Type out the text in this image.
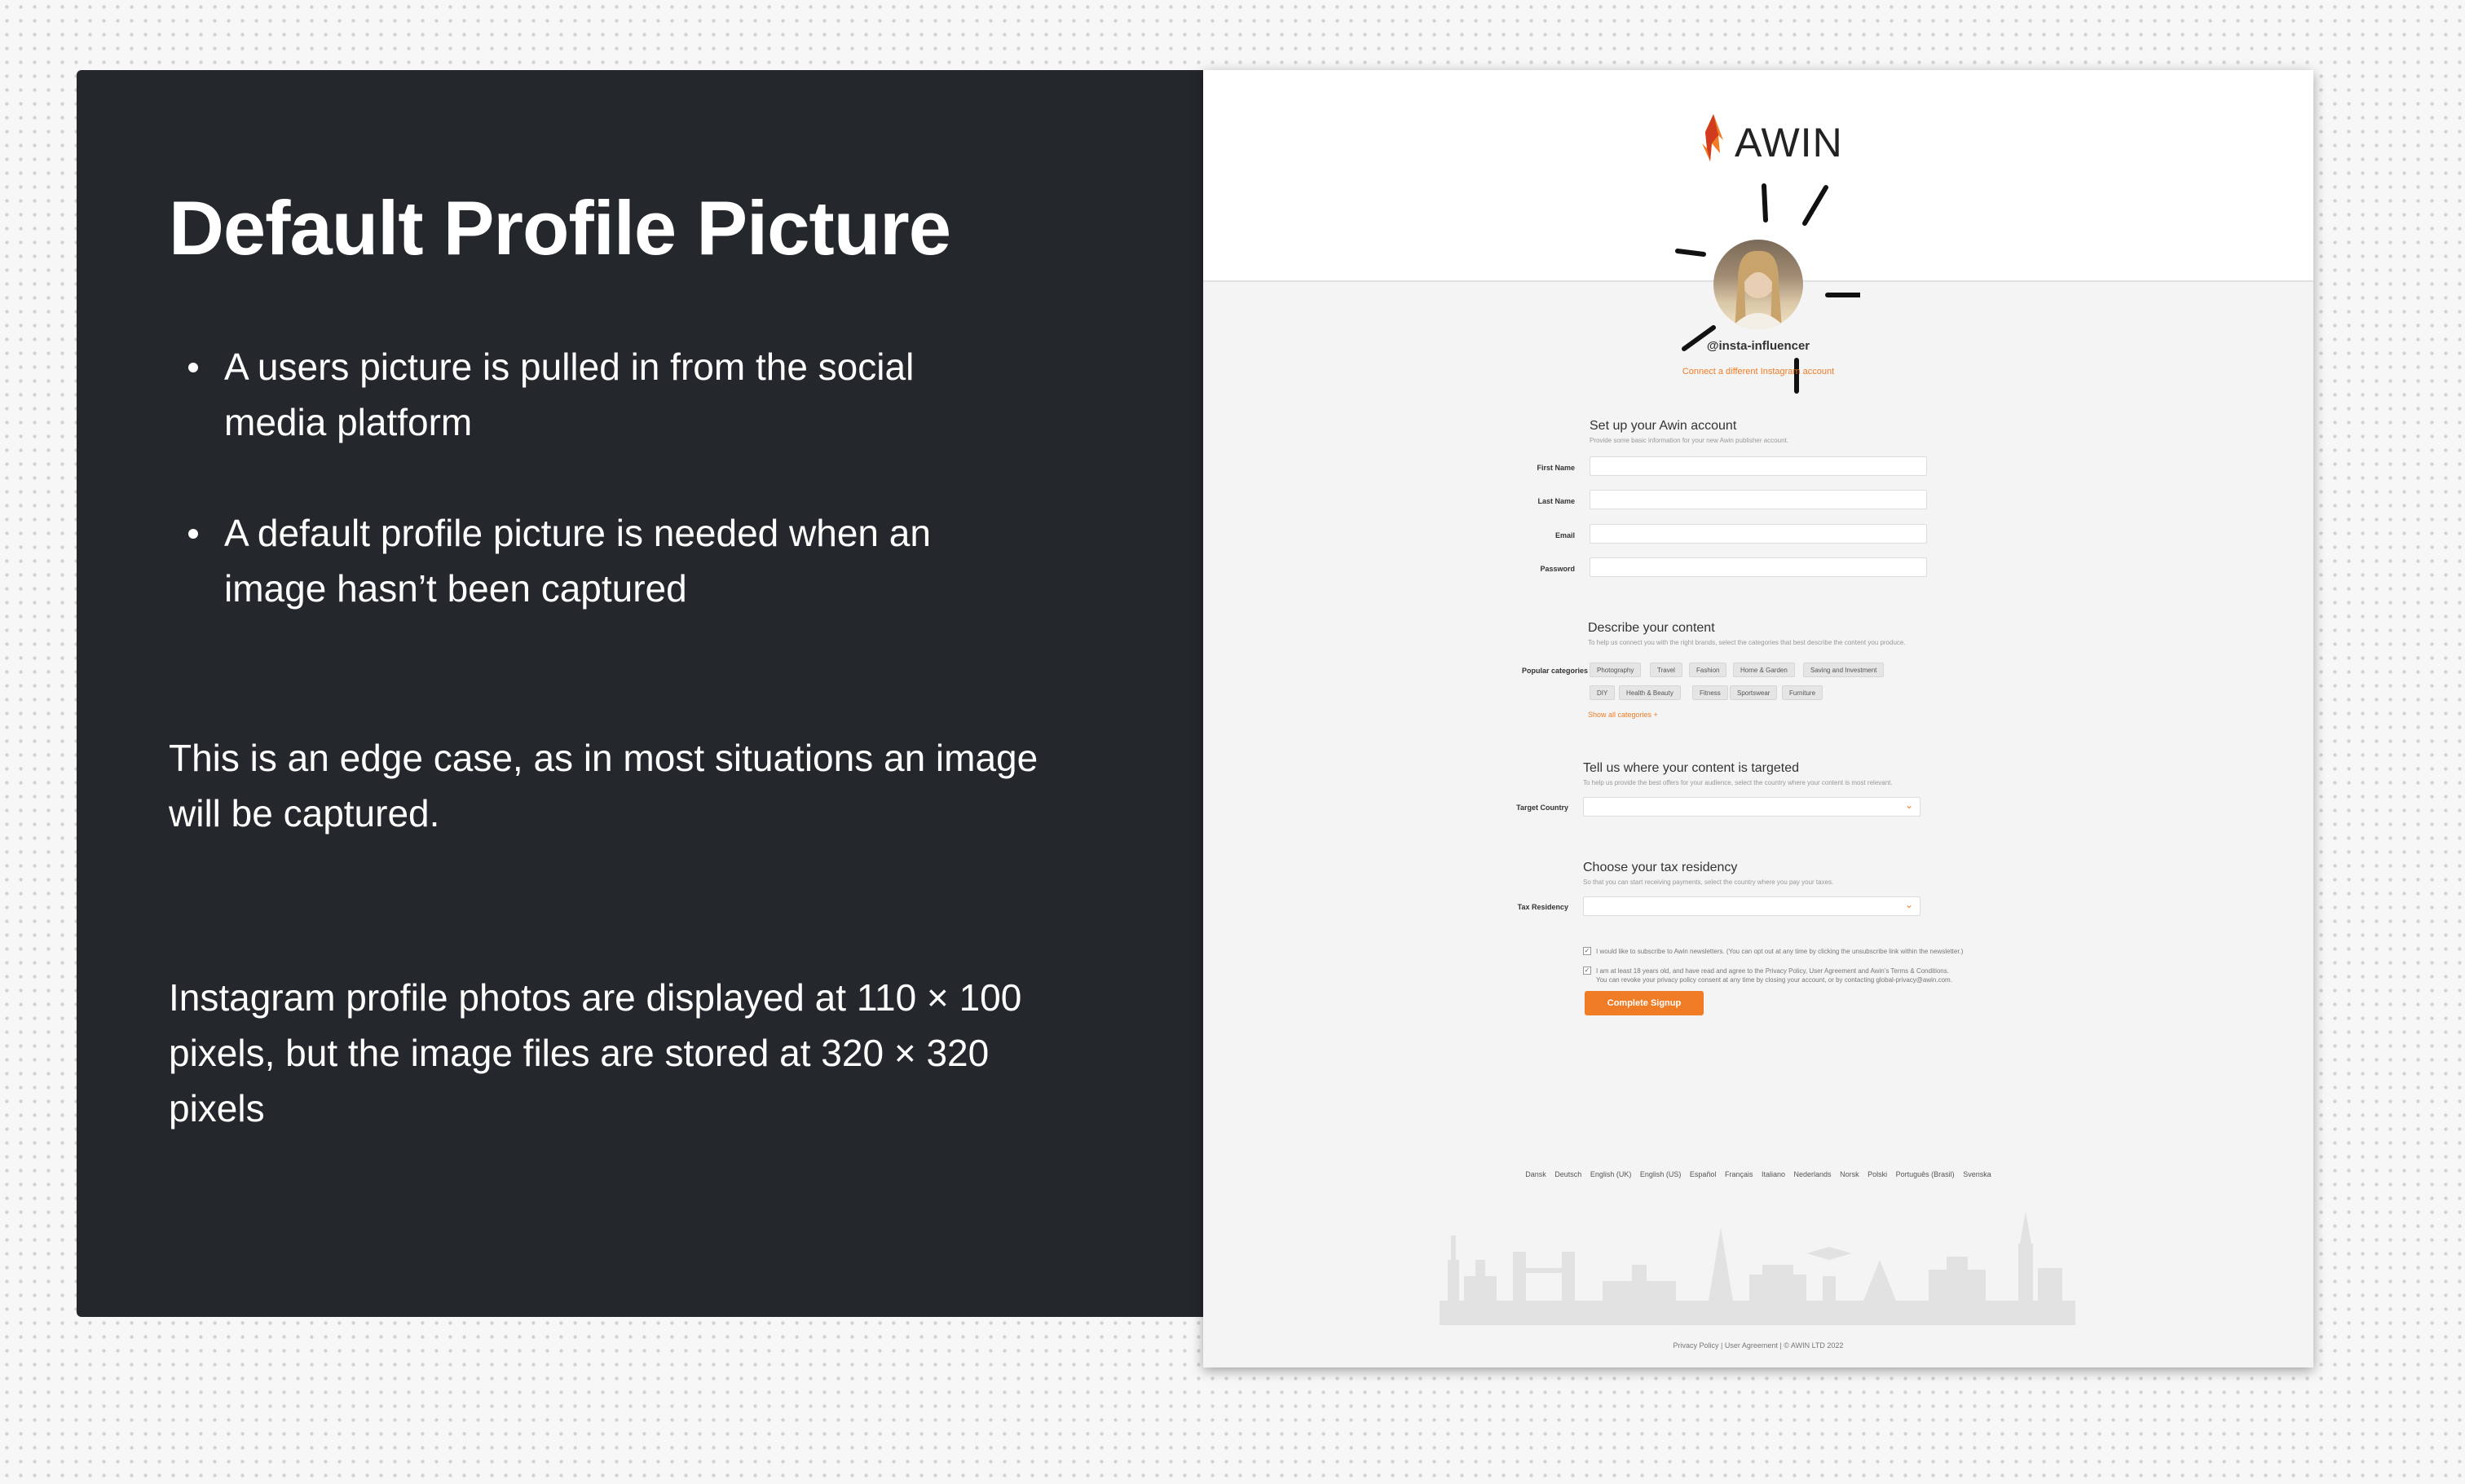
Default Profile Picture
A users picture is pulled in from the social media platform
A default profile picture is needed when an image hasn’t been captured
This is an edge case, as in most situations an image will be captured.
Instagram profile photos are displayed at 110 × 100 pixels, but the image files are stored at 320 × 320 pixels
AWIN
@insta-influencer
Connect a different Instagram account
Set up your Awin account
Provide some basic information for your new Awin publisher account.
First Name
Last Name
Email
Password
Describe your content
To help us connect you with the right brands, select the categories that best describe the content you produce.
Popular categories	Photography	Travel	Fashion	Home & Garden	Saving and Investment
DIY	Health & Beauty	Fitness	Sportswear	Furniture
Show all categories +
Tell us where your content is targeted
To help us provide the best offers for your audience, select the country where your content is most relevant.
Target Country	⌄
Choose your tax residency
So that you can start receiving payments, select the country where you pay your taxes.
Tax Residency	⌄
✓ I would like to subscribe to Awin newsletters. (You can opt out at any time by clicking the unsubscribe link within the newsletter.)
✓ I am at least 18 years old, and have read and agree to the Privacy Policy, User Agreement and Awin’s Terms & Conditions.
You can revoke your privacy policy consent at any time by closing your account, or by contacting global-privacy@awin.com.
Complete Signup
Dansk Deutsch English (UK) English (US) Español Français Italiano Nederlands Norsk Polski Português (Brasil) Svenska
Privacy Policy | User Agreement | © AWIN LTD 2022
